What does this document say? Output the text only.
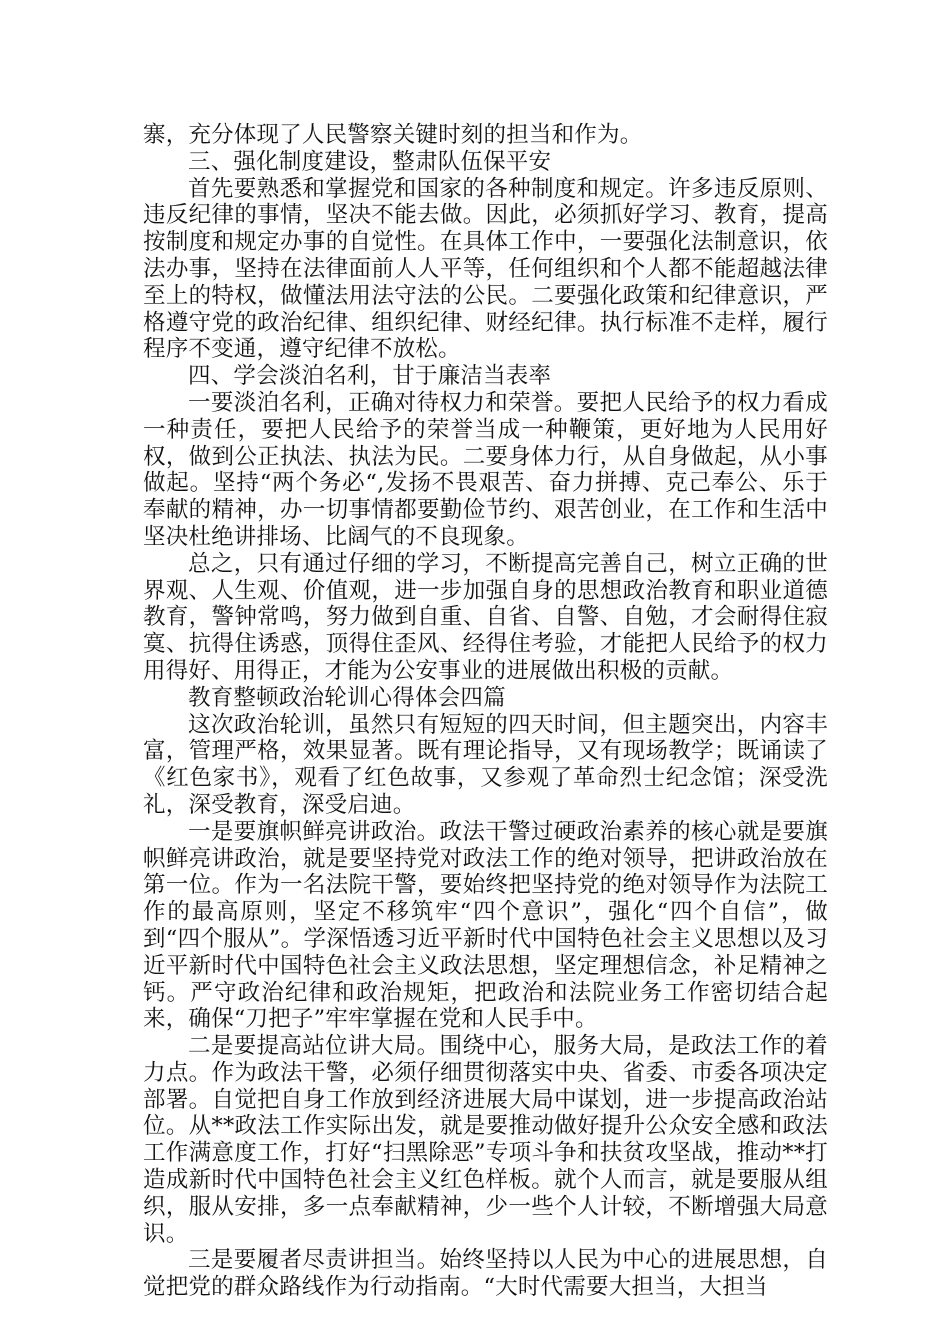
寨，充分体现了人民警察关键时刻的担当和作为。

三、强化制度建设，整肃队伍保平安

首先要熟悉和掌握党和国家的各种制度和规定。许多违反原则、违反纪律的事情，坚决不能去做。因此，必须抓好学习、教育，提高按制度和规定办事的自觉性。在具体工作中，一要强化法制意识，依法办事，坚持在法律面前人人平等，任何组织和个人都不能超越法律至上的特权，做懂法用法守法的公民。二要强化政策和纪律意识，严格遵守党的政治纪律、组织纪律、财经纪律。执行标准不走样，履行程序不变通，遵守纪律不放松。

四、学会淡泊名利，甘于廉洁当表率

一要淡泊名利，正确对待权力和荣誉。要把人民给予的权力看成一种责任，要把人民给予的荣誉当成一种鞭策，更好地为人民用好权，做到公正执法、执法为民。二要身体力行，从自身做起，从小事做起。坚持“两个务必“,发扬不畏艰苦、奋力拼搏、克己奉公、乐于奉献的精神，办一切事情都要勤俭节约、艰苦创业，在工作和生活中坚决杜绝讲排场、比阔气的不良现象。

总之，只有通过仔细的学习，不断提高完善自己，树立正确的世界观、人生观、价值观，进一步加强自身的思想政治教育和职业道德教育，警钟常鸣，努力做到自重、自省、自警、自勉，才会耐得住寂寞、抗得住诱惑，顶得住歪风、经得住考验，才能把人民给予的权力用得好、用得正，才能为公安事业的进展做出积极的贡献。

教育整顿政治轮训心得体会四篇

这次政治轮训，虽然只有短短的四天时间，但主题突出，内容丰富，管理严格，效果显著。既有理论指导，又有现场教学；既诵读了《红色家书》，观看了红色故事，又参观了革命烈士纪念馆；深受洗礼，深受教育，深受启迪。

一是要旗帜鲜亮讲政治。政法干警过硬政治素养的核心就是要旗帜鲜亮讲政治，就是要坚持党对政法工作的绝对领导，把讲政治放在第一位。作为一名法院干警，要始终把坚持党的绝对领导作为法院工作的最高原则，坚定不移筑牢“四个意识”，强化“四个自信”，做到“四个服从”。学深悟透习近平新时代中国特色社会主义思想以及习近平新时代中国特色社会主义政法思想，坚定理想信念，补足精神之钙。严守政治纪律和政治规矩，把政治和法院业务工作密切结合起来，确保“刀把子”牢牢掌握在党和人民手中。

二是要提高站位讲大局。围绕中心，服务大局，是政法工作的着力点。作为政法干警，必须仔细贯彻落实中央、省委、市委各项决定部署。自觉把自身工作放到经济进展大局中谋划，进一步提高政治站位。从**政法工作实际出发，就是要推动做好提升公众安全感和政法工作满意度工作，打好“扫黑除恶”专项斗争和扶贫攻坚战，推动**打造成新时代中国特色社会主义红色样板。就个人而言，就是要服从组织，服从安排，多一点奉献精神，少一些个人计较，不断增强大局意识。

三是要履者尽责讲担当。始终坚持以人民为中心的进展思想，自觉把党的群众路线作为行动指南。“大时代需要大担当，大担当
